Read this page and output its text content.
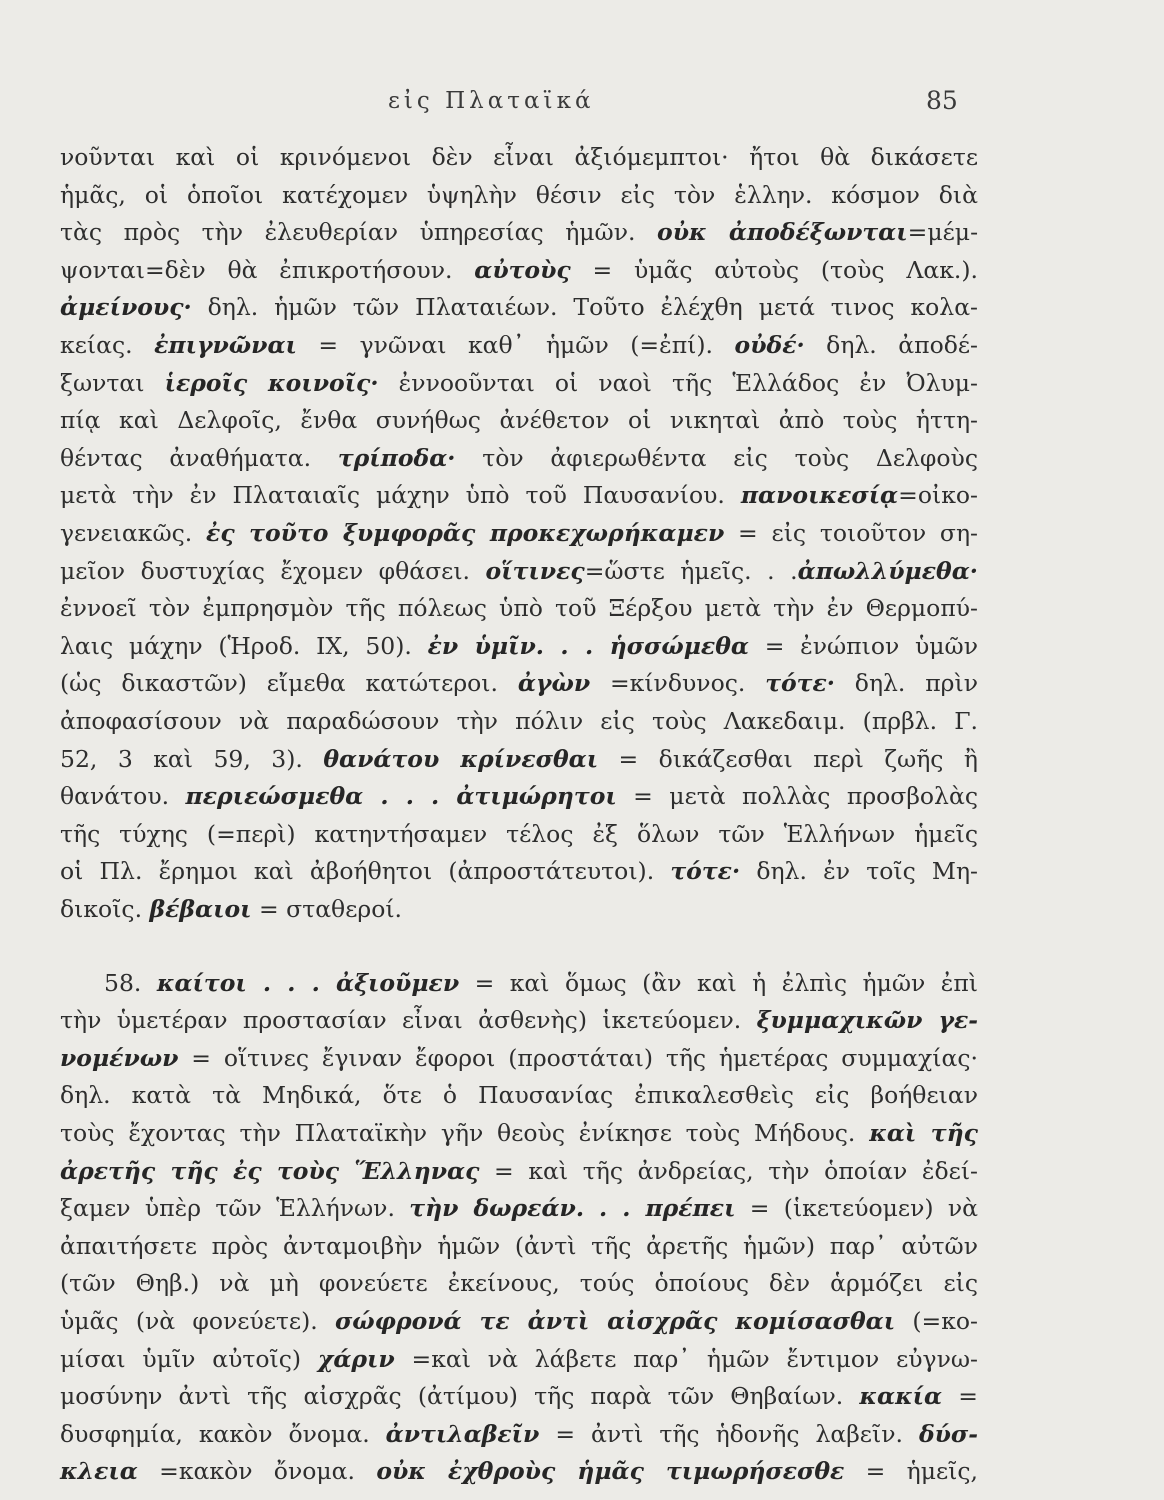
εἰς Πλαταϊκά	85
νοῦνται καὶ οἱ κρινόμενοι δὲν εἶναι ἀξιόμεμπτοι· ἤτοι θὰ δικάσετε
ἡμᾶς, οἱ ὁποῖοι κατέχομεν ὑψηλὴν θέσιν εἰς τὸν ἑλλην. κόσμον διὰ
τὰς πρὸς τὴν ἐλευθερίαν ὑπηρεσίας ἡμῶν. οὐκ ἀποδέξωνται=μέμ-
ψονται=δὲν θὰ ἐπικροτήσουν. αὐτοὺς = ὑμᾶς αὐτοὺς (τοὺς Λακ.).
ἀμείνους· δηλ. ἡμῶν τῶν Πλαταιέων. Τοῦτο ἐλέχθη μετά τινος κολα-
κείας. ἐπιγνῶναι = γνῶναι καθ᾽ ἡμῶν (=ἐπί). οὐδέ· δηλ. ἀποδέ-
ξωνται ἱεροῖς κοινοῖς· ἐννοοῦνται οἱ ναοὶ τῆς Ἑλλάδος ἐν Ὀλυμ-
πίᾳ καὶ Δελφοῖς, ἔνθα συνήθως ἀνέθετον οἱ νικηταὶ ἀπὸ τοὺς ἡττη-
θέντας ἀναθήματα. τρίποδα· τὸν ἀφιερωθέντα εἰς τοὺς Δελφοὺς
μετὰ τὴν ἐν Πλαταιαῖς μάχην ὑπὸ τοῦ Παυσανίου. πανοικεσίᾳ=οἰκο-
γενειακῶς. ἐς τοῦτο ξυμφορᾶς προκεχωρήκαμεν = εἰς τοιοῦτον ση-
μεῖον δυστυχίας ἔχομεν φθάσει. οἵτινες=ὥστε ἡμεῖς. . .ἀπωλλύμεθα·
ἐννοεῖ τὸν ἐμπρησμὸν τῆς πόλεως ὑπὸ τοῦ Ξέρξου μετὰ τὴν ἐν Θερμοπύ-
λαις μάχην (Ἡροδ. IX, 50). ἐν ὑμῖν. . . ἡσσώμεθα = ἐνώπιον ὑμῶν
(ὡς δικαστῶν) εἴμεθα κατώτεροι. ἀγὼν =κίνδυνος. τότε· δηλ. πρὶν
ἀποφασίσουν νὰ παραδώσουν τὴν πόλιν εἰς τοὺς Λακεδαιμ. (πρβλ. Γ.
52, 3 καὶ 59, 3). θανάτου κρίνεσθαι = δικάζεσθαι περὶ ζωῆς ἢ
θανάτου. περιεώσμεθα . . . ἀτιμώρητοι = μετὰ πολλὰς προσβολὰς
τῆς τύχης (=περὶ) κατηντήσαμεν τέλος ἐξ ὅλων τῶν Ἑλλήνων ἡμεῖς
οἱ Πλ. ἔρημοι καὶ ἀβοήθητοι (ἀπροστάτευτοι). τότε· δηλ. ἐν τοῖς Μη-
δικοῖς. βέβαιοι = σταθεροί.
58. καίτοι . . . ἀξιοῦμεν = καὶ ὅμως (ἂν καὶ ἡ ἐλπὶς ἡμῶν ἐπὶ
τὴν ὑμετέραν προστασίαν εἶναι ἀσθενὴς) ἱκετεύομεν. ξυμμαχικῶν γε-
νομένων = οἵτινες ἔγιναν ἔφοροι (προστάται) τῆς ἡμετέρας συμμαχίας·
δηλ. κατὰ τὰ Μηδικά, ὅτε ὁ Παυσανίας ἐπικαλεσθεὶς εἰς βοήθειαν
τοὺς ἔχοντας τὴν Πλαταϊκὴν γῆν θεοὺς ἐνίκησε τοὺς Μήδους. καὶ τῆς
ἀρετῆς τῆς ἐς τοὺς Ἕλληνας = καὶ τῆς ἀνδρείας, τὴν ὁποίαν ἐδεί-
ξαμεν ὑπὲρ τῶν Ἑλλήνων. τὴν δωρεάν. . . πρέπει = (ἱκετεύομεν) νὰ
ἀπαιτήσετε πρὸς ἀνταμοιβὴν ἡμῶν (ἀντὶ τῆς ἀρετῆς ἡμῶν) παρ᾽ αὐτῶν
(τῶν Θηβ.) νὰ μὴ φονεύετε ἐκείνους, τούς ὁποίους δὲν ἁρμόζει εἰς
ὑμᾶς (νὰ φονεύετε). σώφρονά τε ἀντὶ αἰσχρᾶς κομίσασθαι (=κο-
μίσαι ὑμῖν αὐτοῖς) χάριν =καὶ νὰ λάβετε παρ᾽ ἡμῶν ἔντιμον εὐγνω-
μοσύνην ἀντὶ τῆς αἰσχρᾶς (ἀτίμου) τῆς παρὰ τῶν Θηβαίων. κακία =
δυσφημία, κακὸν ὄνομα. ἀντιλαβεῖν = ἀντὶ τῆς ἡδονῆς λαβεῖν. δύσ-
κλεια =κακὸν ὄνομα. οὐκ ἐχθροὺς ἡμᾶς τιμωρήσεσθε = ἡμεῖς,
